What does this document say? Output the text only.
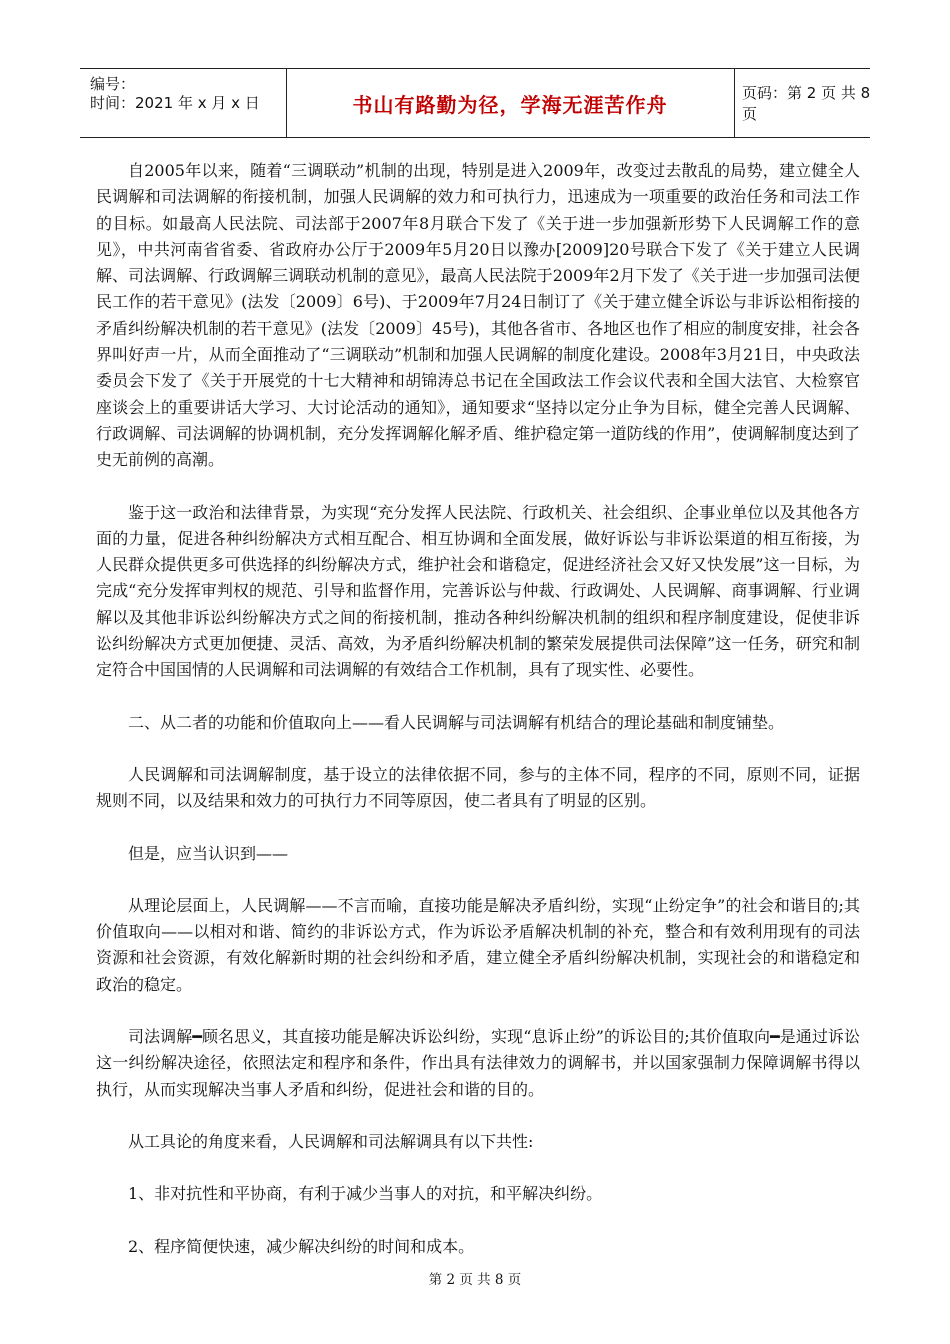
编号：
时间：2021 年 x 月 x 日	书山有路勤为径，学海无涯苦作舟	页码：第 2 页 共 8 页

自2005年以来，随着“三调联动”机制的出现，特别是进入2009年，改变过去散乱的局势，建立健全人民调解和司法调解的衔接机制，加强人民调解的效力和可执行力，迅速成为一项重要的政治任务和司法工作的目标。如最高人民法院、司法部于2007年8月联合下发了《关于进一步加强新形势下人民调解工作的意见》，中共河南省省委、省政府办公厅于2009年5月20日以豫办[2009]20号联合下发了《关于建立人民调解、司法调解、行政调解三调联动机制的意见》，最高人民法院于2009年2月下发了《关于进一步加强司法便民工作的若干意见》(法发〔2009〕6号)、于2009年7月24日制订了《关于建立健全诉讼与非诉讼相衔接的矛盾纠纷解决机制的若干意见》(法发〔2009〕45号)，其他各省市、各地区也作了相应的制度安排，社会各界叫好声一片，从而全面推动了“三调联动”机制和加强人民调解的制度化建设。2008年3月21日，中央政法委员会下发了《关于开展党的十七大精神和胡锦涛总书记在全国政法工作会议代表和全国大法官、大检察官座谈会上的重要讲话大学习、大讨论活动的通知》，通知要求“坚持以定分止争为目标，健全完善人民调解、行政调解、司法调解的协调机制，充分发挥调解化解矛盾、维护稳定第一道防线的作用”，使调解制度达到了史无前例的高潮。

鉴于这一政治和法律背景，为实现“充分发挥人民法院、行政机关、社会组织、企事业单位以及其他各方面的力量，促进各种纠纷解决方式相互配合、相互协调和全面发展，做好诉讼与非诉讼渠道的相互衔接，为人民群众提供更多可供选择的纠纷解决方式，维护社会和谐稳定，促进经济社会又好又快发展”这一目标，为完成“充分发挥审判权的规范、引导和监督作用，完善诉讼与仲裁、行政调处、人民调解、商事调解、行业调解以及其他非诉讼纠纷解决方式之间的衔接机制，推动各种纠纷解决机制的组织和程序制度建设，促使非诉讼纠纷解决方式更加便捷、灵活、高效，为矛盾纠纷解决机制的繁荣发展提供司法保障”这一任务，研究和制定符合中国国情的人民调解和司法调解的有效结合工作机制，具有了现实性、必要性。

二、从二者的功能和价值取向上——看人民调解与司法调解有机结合的理论基础和制度铺垫。

人民调解和司法调解制度，基于设立的法律依据不同，参与的主体不同，程序的不同，原则不同，证据规则不同，以及结果和效力的可执行力不同等原因，使二者具有了明显的区别。

但是，应当认识到——

从理论层面上，人民调解——不言而喻，直接功能是解决矛盾纠纷，实现“止纷定争”的社会和谐目的;其价值取向——以相对和谐、简约的非诉讼方式，作为诉讼矛盾解决机制的补充，整合和有效利用现有的司法资源和社会资源，有效化解新时期的社会纠纷和矛盾，建立健全矛盾纠纷解决机制，实现社会的和谐稳定和政治的稳定。

司法调解━顾名思义，其直接功能是解决诉讼纠纷，实现“息诉止纷”的诉讼目的;其价值取向━是通过诉讼这一纠纷解决途径，依照法定和程序和条件，作出具有法律效力的调解书，并以国家强制力保障调解书得以执行，从而实现解决当事人矛盾和纠纷，促进社会和谐的目的。

从工具论的角度来看，人民调解和司法解调具有以下共性:

1、非对抗性和平协商，有利于减少当事人的对抗，和平解决纠纷。

2、程序简便快速，减少解决纠纷的时间和成本。

第 2 页 共 8 页
